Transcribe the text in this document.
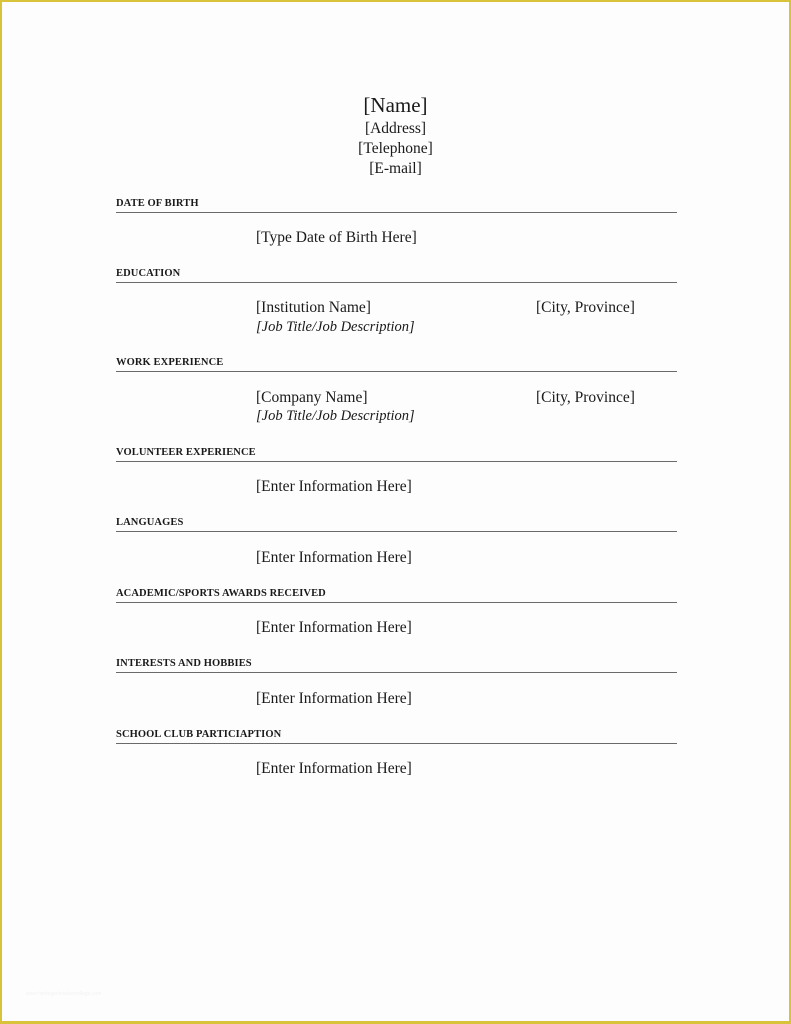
[Name]
[Address]
[Telephone]
[E-mail]
DATE OF BIRTH
[Type Date of Birth Here]
EDUCATION
[Institution Name]	[City, Province]
[Job Title/Job Description]
WORK EXPERIENCE
[Company Name]	[City, Province]
[Job Title/Job Description]
VOLUNTEER EXPERIENCE
[Enter Information Here]
LANGUAGES
[Enter Information Here]
ACADEMIC/SPORTS AWARDS RECEIVED
[Enter Information Here]
INTERESTS AND HOBBIES
[Enter Information Here]
SCHOOL CLUB PARTICIAPTION
[Enter Information Here]
www.heritagechristiancollege.com
